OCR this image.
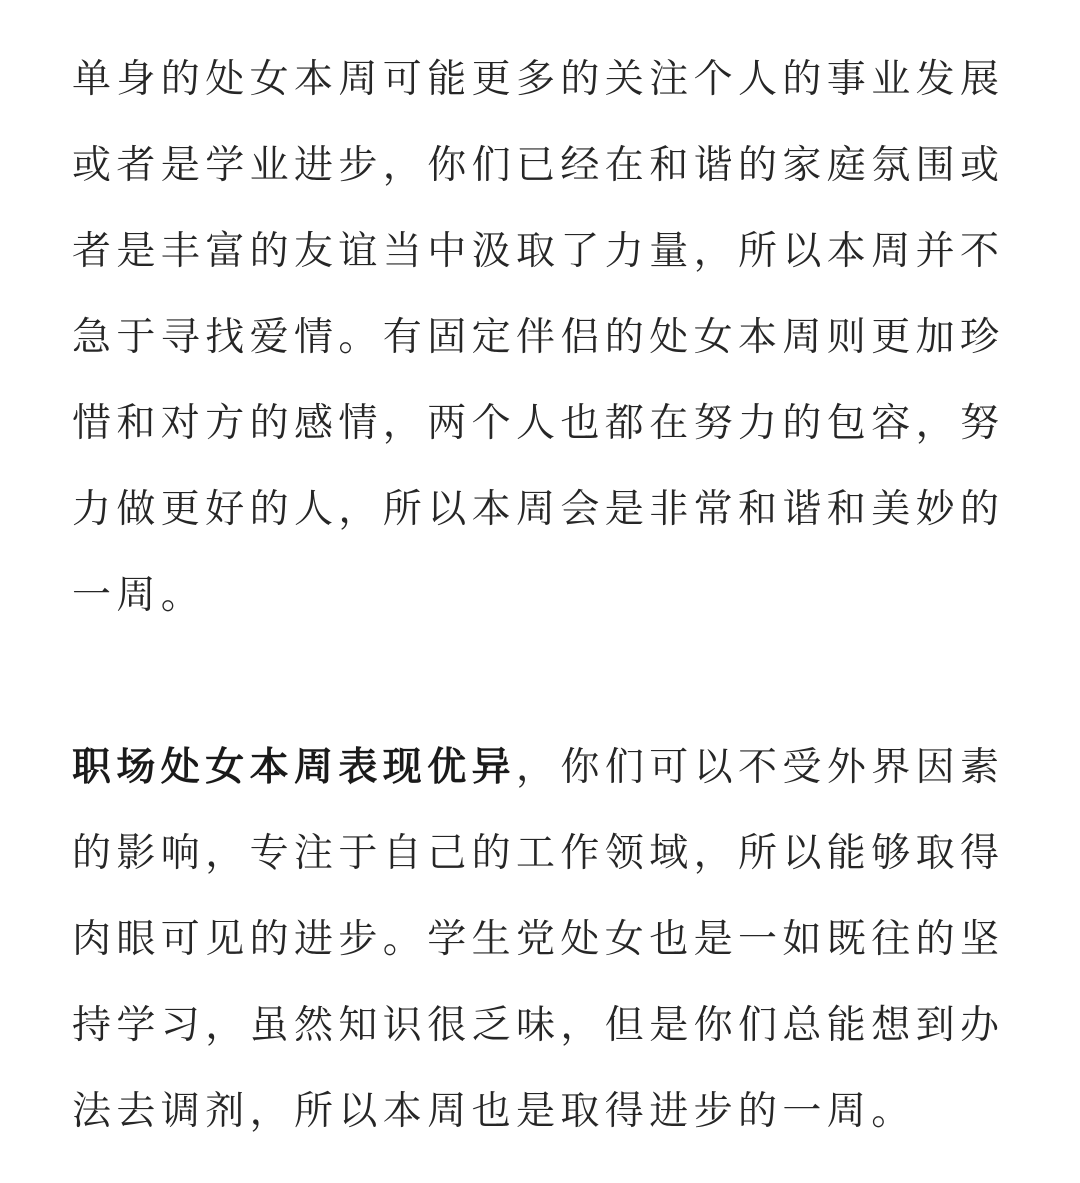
单身的处女本周可能更多的关注个人的事业发展或者是学业进步，你们已经在和谐的家庭氛围或者是丰富的友谊当中汲取了力量，所以本周并不急于寻找爱情。有固定伴侣的处女本周则更加珍惜和对方的感情，两个人也都在努力的包容，努力做更好的人，所以本周会是非常和谐和美妙的一周。

职场处女本周表现优异，你们可以不受外界因素的影响，专注于自己的工作领域，所以能够取得肉眼可见的进步。学生党处女也是一如既往的坚持学习，虽然知识很乏味，但是你们总能想到办法去调剂，所以本周也是取得进步的一周。
